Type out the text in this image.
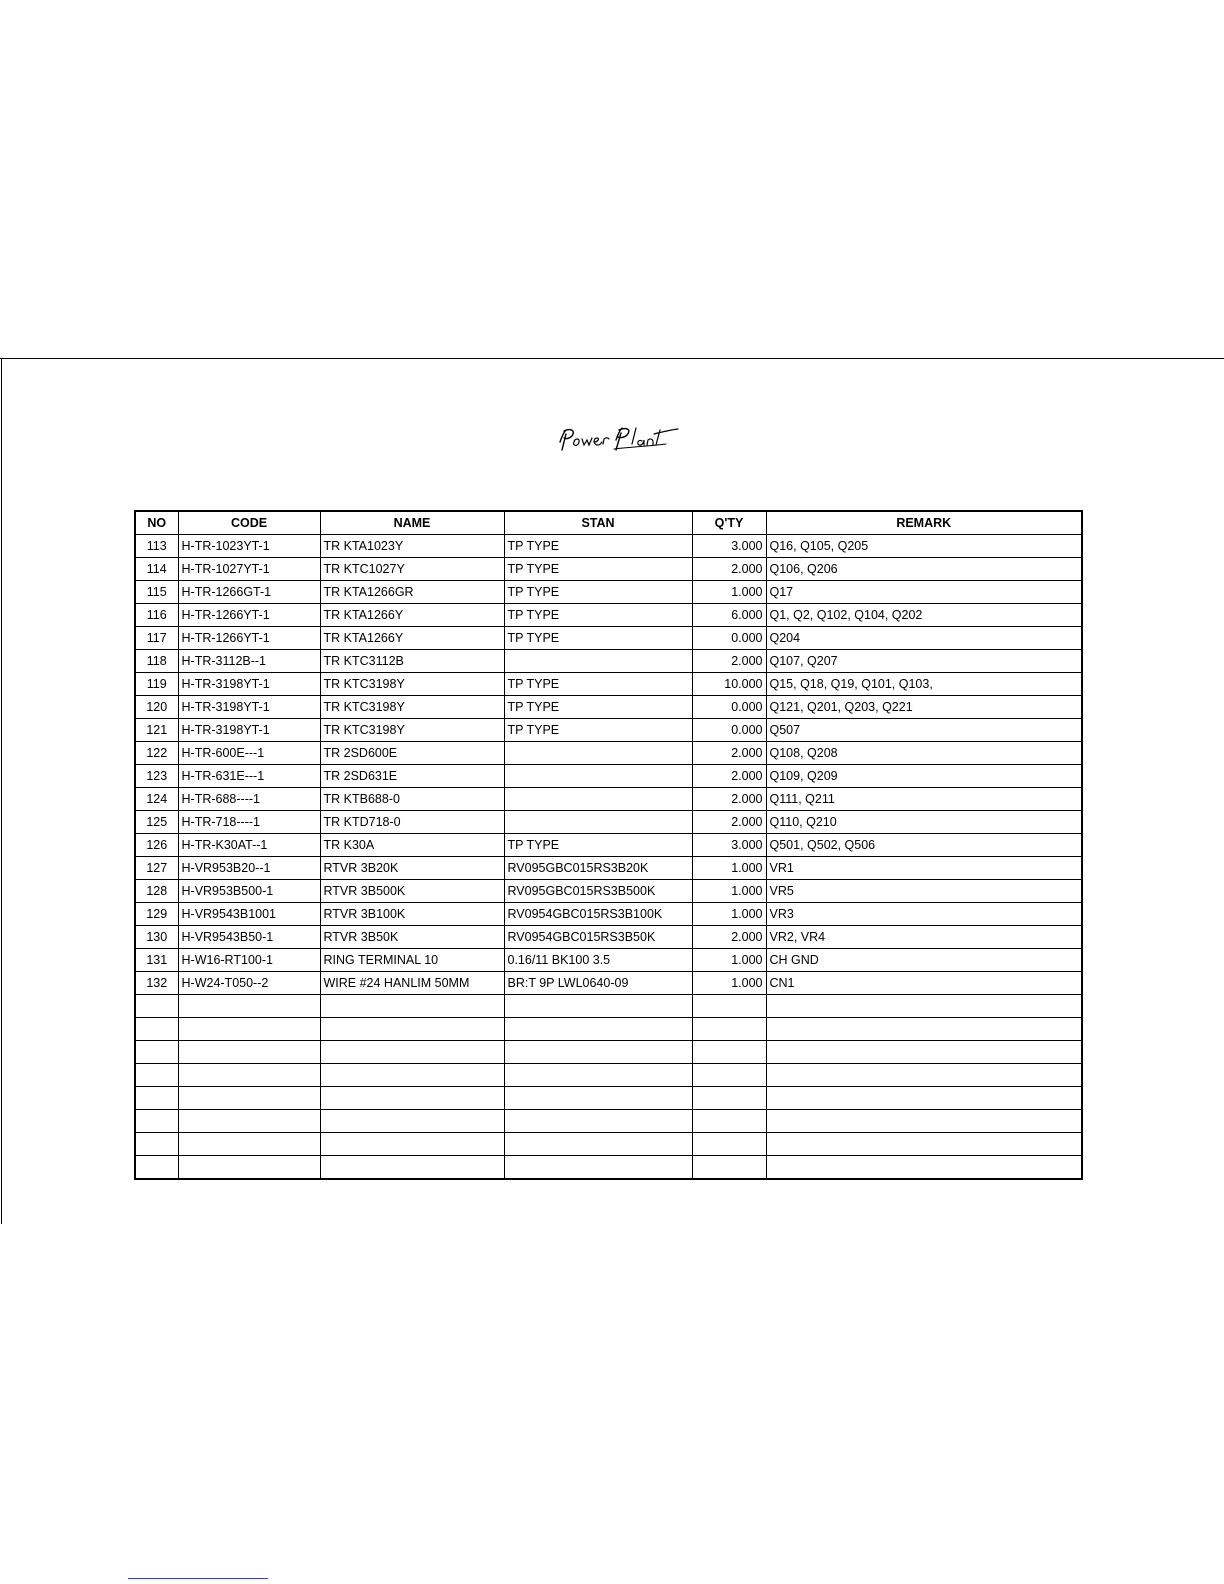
NO	CODE	NAME	STAN	Q'TY	REMARK
113	H-TR-1023YT-1	TR KTA1023Y	TP TYPE	3.000	Q16, Q105, Q205
114	H-TR-1027YT-1	TR KTC1027Y	TP TYPE	2.000	Q106, Q206
115	H-TR-1266GT-1	TR KTA1266GR	TP TYPE	1.000	Q17
116	H-TR-1266YT-1	TR KTA1266Y	TP TYPE	6.000	Q1, Q2, Q102, Q104, Q202
117	H-TR-1266YT-1	TR KTA1266Y	TP TYPE	0.000	Q204
118	H-TR-3112B--1	TR KTC3112B		2.000	Q107, Q207
119	H-TR-3198YT-1	TR KTC3198Y	TP TYPE	10.000	Q15, Q18, Q19, Q101, Q103,
120	H-TR-3198YT-1	TR KTC3198Y	TP TYPE	0.000	Q121, Q201, Q203, Q221
121	H-TR-3198YT-1	TR KTC3198Y	TP TYPE	0.000	Q507
122	H-TR-600E---1	TR 2SD600E		2.000	Q108, Q208
123	H-TR-631E---1	TR 2SD631E		2.000	Q109, Q209
124	H-TR-688----1	TR KTB688-0		2.000	Q111, Q211
125	H-TR-718----1	TR KTD718-0		2.000	Q110, Q210
126	H-TR-K30AT--1	TR K30A	TP TYPE	3.000	Q501, Q502, Q506
127	H-VR953B20--1	RTVR 3B20K	RV095GBC015RS3B20K	1.000	VR1
128	H-VR953B500-1	RTVR 3B500K	RV095GBC015RS3B500K	1.000	VR5
129	H-VR9543B1001	RTVR 3B100K	RV0954GBC015RS3B100K	1.000	VR3
130	H-VR9543B50-1	RTVR 3B50K	RV0954GBC015RS3B50K	2.000	VR2, VR4
131	H-W16-RT100-1	RING TERMINAL 10	0.16/11 BK100 3.5	1.000	CH GND
132	H-W24-T050--2	WIRE #24 HANLIM 50MM	BR:T 9P LWL0640-09	1.000	CN1
